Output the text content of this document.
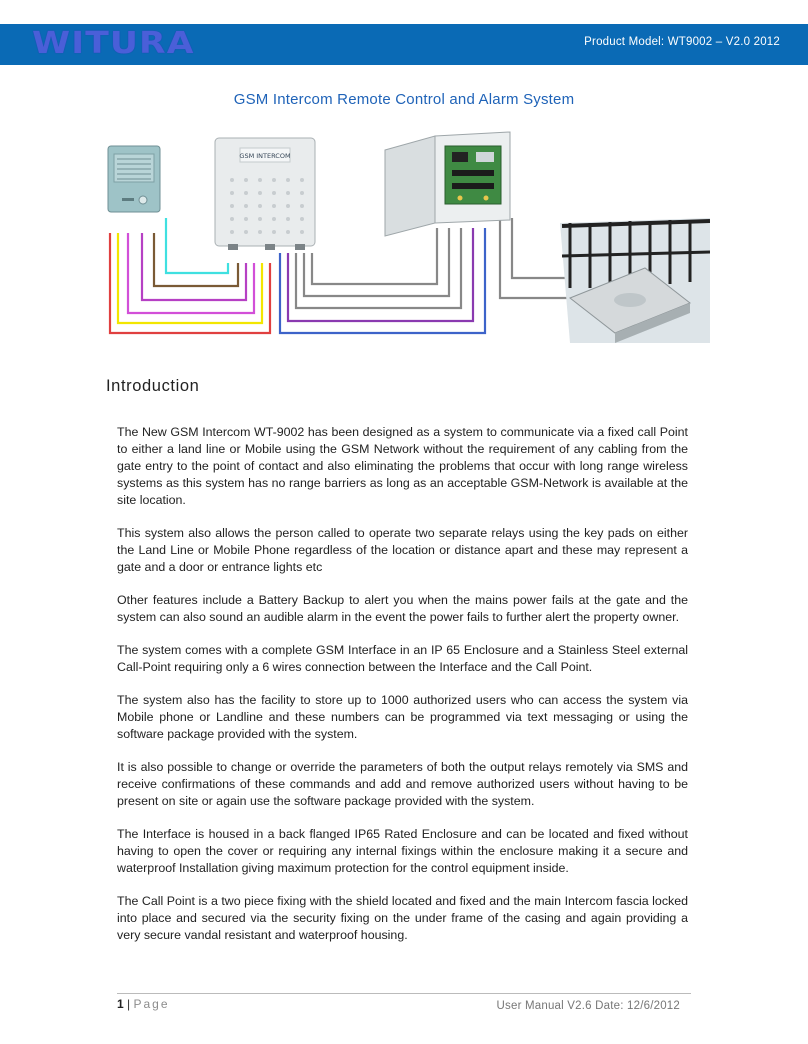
WITURA	Product Model: WT9002 – V2.0 2012
GSM Intercom Remote Control and Alarm System
GSM INTERCOM
Introduction

The New GSM Intercom WT-9002 has been designed as a system to communicate via a fixed call Point to either a land line or Mobile using the GSM Network without the requirement of any cabling from the gate entry to the point of contact and also eliminating the problems that occur with long range wireless systems as this system has no range barriers as long as an acceptable GSM-Network is available at the site location.

This system also allows the person called to operate two separate relays using the key pads on either the Land Line or Mobile Phone regardless of the location or distance apart and these may represent a gate and a door or entrance lights etc

Other features include a Battery Backup to alert you when the mains power fails at the gate and the system can also sound an audible alarm in the event the power fails to further alert the property owner.

The system comes with a complete GSM Interface in an IP 65 Enclosure and a Stainless Steel external Call-Point requiring only a 6 wires connection between the Interface and the Call Point.

The system also has the facility to store up to 1000 authorized users who can access the system via Mobile phone or Landline and these numbers can be programmed via text messaging or using the software package provided with the system.

It is also possible to change or override the parameters of both the output relays remotely via SMS and receive confirmations of these commands and add and remove authorized users without having to be present on site or again use the software package provided with the system.

The Interface is housed in a back flanged IP65 Rated Enclosure and can be located and fixed without having to open the cover or requiring any internal fixings within the enclosure making it a secure and waterproof Installation giving maximum protection for the control equipment inside.

The Call Point is a two piece fixing with the shield located and fixed and the main Intercom fascia locked into place and secured via the security fixing on the under frame of the casing and again providing a very secure vandal resistant and waterproof housing.

1 | Page	User Manual V2.6 Date: 12/6/2012
